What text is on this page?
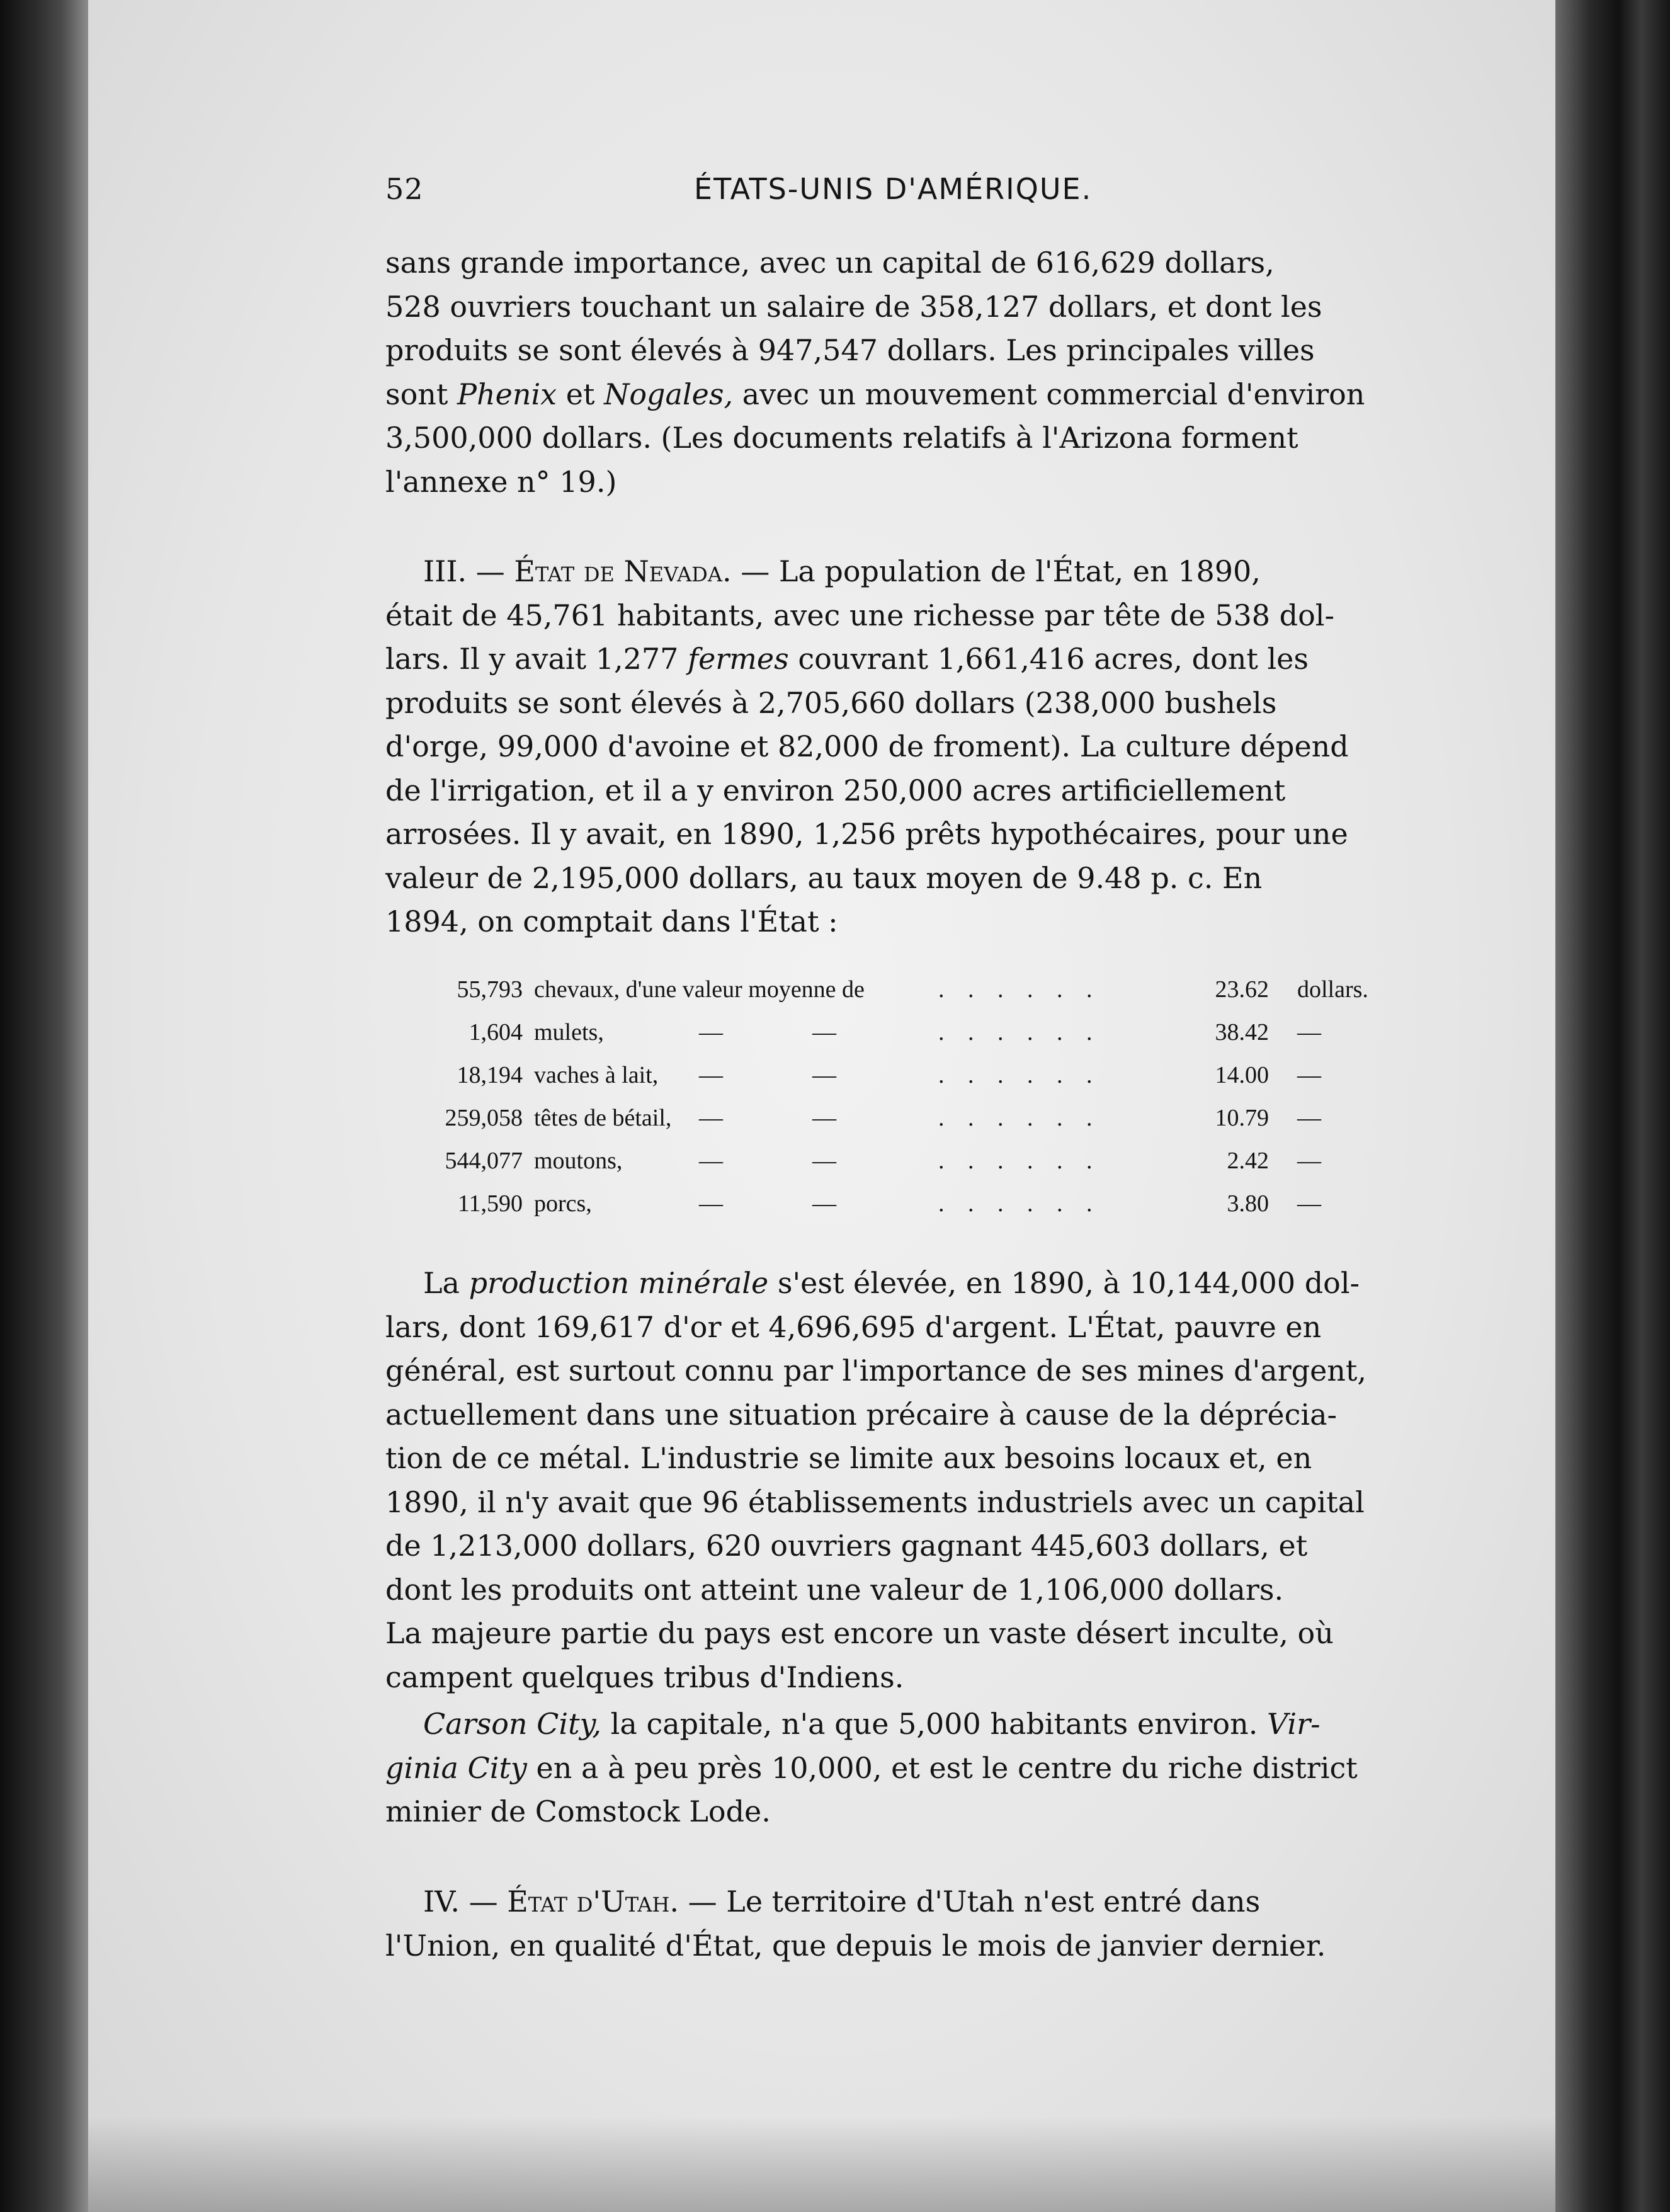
52	ÉTATS-UNIS D'AMÉRIQUE.

sans grande importance, avec un capital de 616,629 dollars,

528 ouvriers touchant un salaire de 358,127 dollars, et dont les

produits se sont élevés à 947,547 dollars. Les principales villes

sont Phenix et Nogales, avec un mouvement commercial d'environ

3,500,000 dollars. (Les documents relatifs à l'Arizona forment

l'annexe n° 19.)

III. — État de Nevada. — La population de l'État, en 1890,

était de 45,761 habitants, avec une richesse par tête de 538 dol-

lars. Il y avait 1,277 fermes couvrant 1,661,416 acres, dont les

produits se sont élevés à 2,705,660 dollars (238,000 bushels

d'orge, 99,000 d'avoine et 82,000 de froment). La culture dépend

de l'irrigation, et il a y environ 250,000 acres artificiellement

arrosées. Il y avait, en 1890, 1,256 prêts hypothécaires, pour une

valeur de 2,195,000 dollars, au taux moyen de 9.48 p. c. En

1894, on comptait dans l'État :

55,793 chevaux, d'une valeur moyenne de	. . . . . .	23.62 dollars.
1,604 mulets,	—	—	. . . . . .	38.42 —
18,194 vaches à lait, —	—	. . . . . .	14.00 —
259,058 têtes de bétail, —	—	. . . . . .	10.79 —
544,077 moutons,	—	—	. . . . . .	2.42 —
11,590 porcs,	—	—	. . . . . .	3.80 —

La production minérale s'est élevée, en 1890, à 10,144,000 dol-

lars, dont 169,617 d'or et 4,696,695 d'argent. L'État, pauvre en

général, est surtout connu par l'importance de ses mines d'argent,

actuellement dans une situation précaire à cause de la déprécia-

tion de ce métal. L'industrie se limite aux besoins locaux et, en

1890, il n'y avait que 96 établissements industriels avec un capital

de 1,213,000 dollars, 620 ouvriers gagnant 445,603 dollars, et

dont les produits ont atteint une valeur de 1,106,000 dollars.

La majeure partie du pays est encore un vaste désert inculte, où

campent quelques tribus d'Indiens.

Carson City, la capitale, n'a que 5,000 habitants environ. Vir-

ginia City en a à peu près 10,000, et est le centre du riche district

minier de Comstock Lode.

IV. — État d'Utah. — Le territoire d'Utah n'est entré dans

l'Union, en qualité d'État, que depuis le mois de janvier dernier.
